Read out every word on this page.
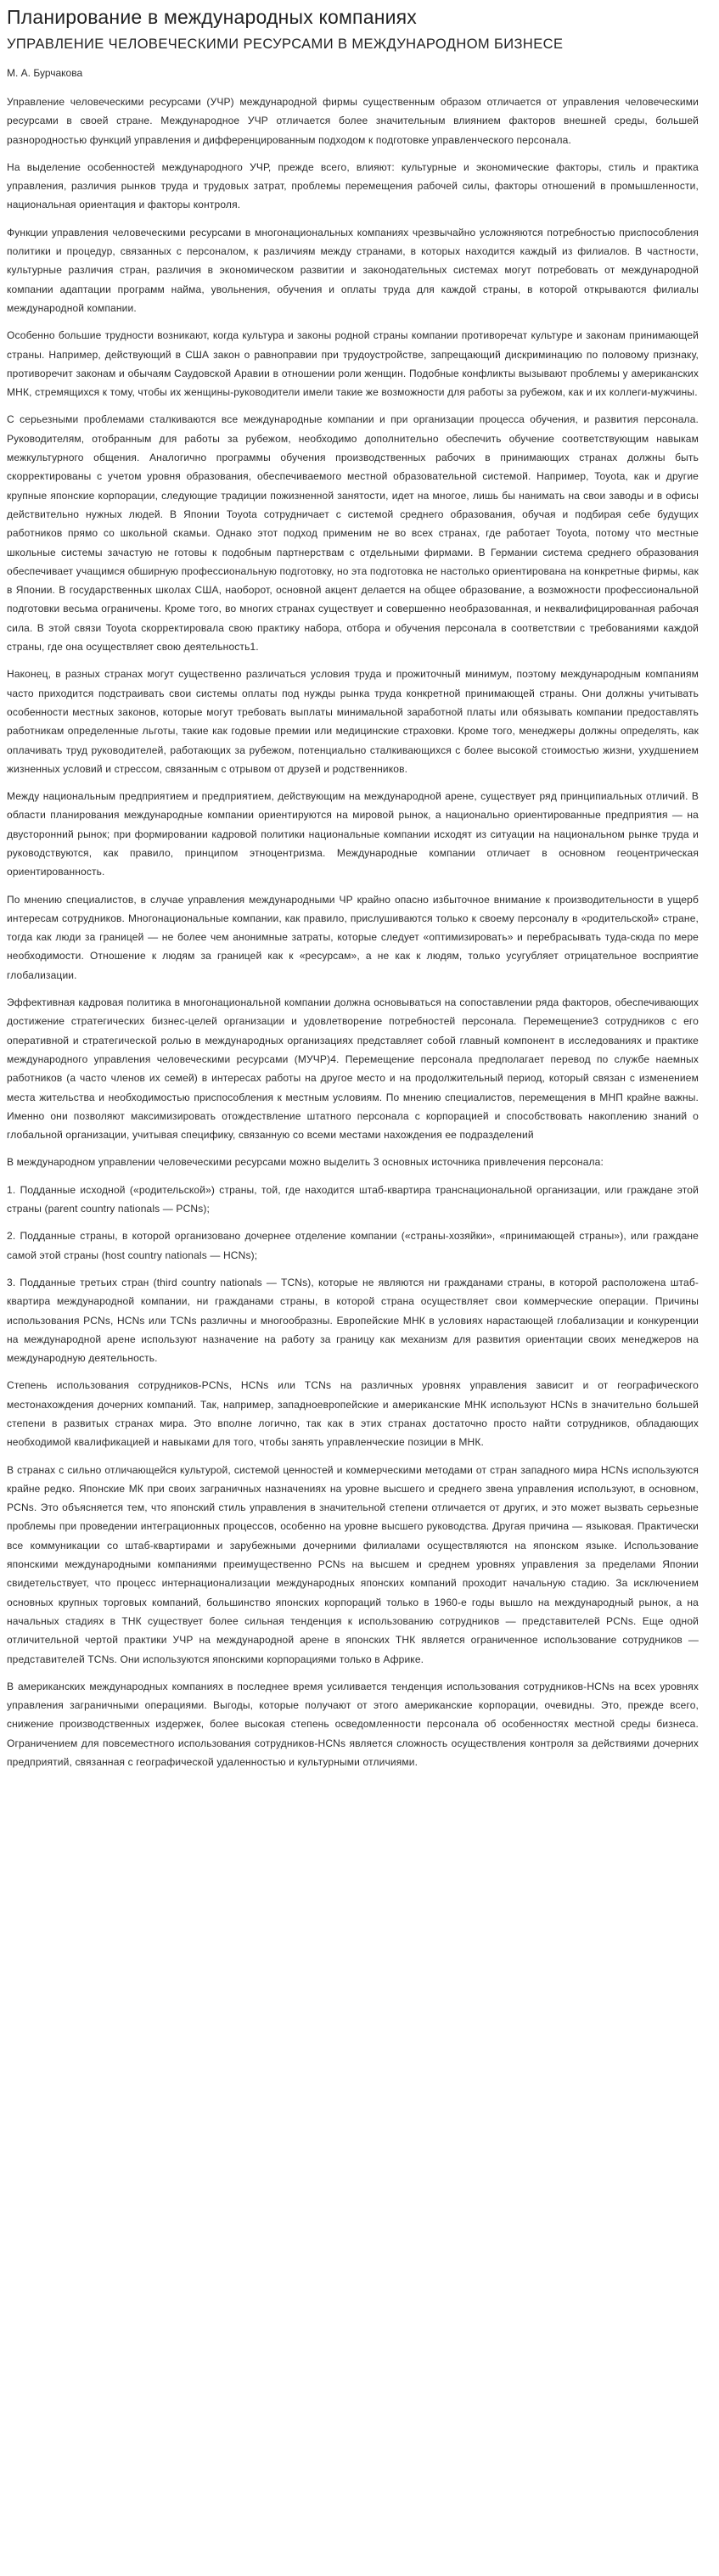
Планирование в международных компаниях
УПРАВЛЕНИЕ ЧЕЛОВЕЧЕСКИМИ РЕСУРСАМИ В МЕЖДУНАРОДНОМ БИЗНЕСЕ
М. А. Бурчакова

Управление человеческими ресурсами (УЧР) международной фирмы существенным образом отличается от управления человеческими ресурсами в своей стране. Международное УЧР отличается более значительным влиянием факторов внешней среды, большей разнородностью функций управления и дифференцированным подходом к подготовке управленческого персонала.

На выделение особенностей международного УЧР, прежде всего, влияют: культурные и экономические факторы, стиль и практика управления, различия рынков труда и трудовых затрат, проблемы перемещения рабочей силы, факторы отношений в промышленности, национальная ориентация и факторы контроля.

Функции управления человеческими ресурсами в многонациональных компаниях чрезвычайно усложняются потребностью приспособления политики и процедур, связанных с персоналом, к различиям между странами, в которых находится каждый из филиалов. В частности, культурные различия стран, различия в экономическом развитии и законодательных системах могут потребовать от международной компании адаптации программ найма, увольнения, обучения и оплаты труда для каждой страны, в которой открываются филиалы международной компании.

Особенно большие трудности возникают, когда культура и законы родной страны компании противоречат культуре и законам принимающей страны. Например, действующий в США закон о равноправии при трудоустройстве, запрещающий дискриминацию по половому признаку, противоречит законам и обычаям Саудовской Аравии в отношении роли женщин. Подобные конфликты вызывают проблемы у американских МНК, стремящихся к тому, чтобы их женщины-руководители имели такие же возможности для работы за рубежом, как и их коллеги-мужчины.

С серьезными проблемами сталкиваются все международные компании и при организации процесса обучения, и развития персонала. Руководителям, отобранным для работы за рубежом, необходимо дополнительно обеспечить обучение соответствующим навыкам межкультурного общения. Аналогично программы обучения производственных рабочих в принимающих странах должны быть скорректированы с учетом уровня образования, обеспечиваемого местной образовательной системой. Например, Toyota, как и другие крупные японские корпорации, следующие традиции пожизненной занятости, идет на многое, лишь бы нанимать на свои заводы и в офисы действительно нужных людей. В Японии Toyota сотрудничает с системой среднего образования, обучая и подбирая себе будущих работников прямо со школьной скамьи. Однако этот подход применим не во всех странах, где работает Toyota, потому что местные школьные системы зачастую не готовы к подобным партнерствам с отдельными фирмами. В Германии система среднего образования обеспечивает учащимся обширную профессиональную подготовку, но эта подготовка не настолько ориентирована на конкретные фирмы, как в Японии. В государственных школах США, наоборот, основной акцент делается на общее образование, а возможности профессиональной подготовки весьма ограничены. Кроме того, во многих странах существует и совершенно необразованная, и неквалифицированная рабочая сила. В этой связи Toyota скорректировала свою практику набора, отбора и обучения персонала в соответствии с требованиями каждой страны, где она осуществляет свою деятельность1.

Наконец, в разных странах могут существенно различаться условия труда и прожиточный минимум, поэтому международным компаниям часто приходится подстраивать свои системы оплаты под нужды рынка труда конкретной принимающей страны. Они должны учитывать особенности местных законов, которые могут требовать выплаты минимальной заработной платы или обязывать компании предоставлять работникам определенные льготы, такие как годовые премии или медицинские страховки. Кроме того, менеджеры должны определять, как оплачивать труд руководителей, работающих за рубежом, потенциально сталкивающихся с более высокой стоимостью жизни, ухудшением жизненных условий и стрессом, связанным с отрывом от друзей и родственников.

Между национальным предприятием и предприятием, действующим на международной арене, существует ряд принципиальных отличий. В области планирования международные компании ориентируются на мировой рынок, а национально ориентированные предприятия — на двусторонний рынок; при формировании кадровой политики национальные компании исходят из ситуации на национальном рынке труда и руководствуются, как правило, принципом этноцентризма. Международные компании отличает в основном геоцентрическая ориентированность.

По мнению специалистов, в случае управления международными ЧР крайно опасно избыточное внимание к производительности в ущерб интересам сотрудников. Многонациональные компании, как правило, прислушиваются только к своему персоналу в «родительской» стране, тогда как люди за границей — не более чем анонимные затраты, которые следует «оптимизировать» и перебрасывать туда-сюда по мере необходимости. Отношение к людям за границей как к «ресурсам», а не как к людям, только усугубляет отрицательное восприятие глобализации.

Эффективная кадровая политика в многонациональной компании должна основываться на сопоставлении ряда факторов, обеспечивающих достижение стратегических бизнес-целей организации и удовлетворение потребностей персонала. Перемещение3 сотрудников с его оперативной и стратегической ролью в международных организациях представляет собой главный компонент в исследованиях и практике международного управления человеческими ресурсами (МУЧР)4. Перемещение персонала предполагает перевод по службе наемных работников (а часто членов их семей) в интересах работы на другое место и на продолжительный период, который связан с изменением места жительства и необходимостью приспособления к местным условиям. По мнению специалистов, перемещения в МНП крайне важны. Именно они позволяют максимизировать отождествление штатного персонала с корпорацией и способствовать накоплению знаний о глобальной организации, учитывая специфику, связанную со всеми местами нахождения ее подразделений

В международном управлении человеческими ресурсами можно выделить 3 основных источника привлечения персонала:

1. Подданные исходной («родительской») страны, той, где находится штаб-квартира транснациональной организации, или граждане этой страны (parent country nationals — PCNs);

2. Подданные страны, в которой организовано дочернее отделение компании («страны-хозяйки», «принимающей страны»), или граждане самой этой страны (host country nationals — HCNs);

3. Подданные третьих стран (third country nationals — TCNs), которые не являются ни гражданами страны, в которой расположена штаб-квартира международной компании, ни гражданами страны, в которой страна осуществляет свои коммерческие операции. Причины использования PCNs, HCNs или TCNs различны и многообразны. Европейские МНК в условиях нарастающей глобализации и конкуренции на международной арене используют назначение на работу за границу как механизм для развития ориентации своих менеджеров на международную деятельность.

Степень использования сотрудников-PCNs, HCNs или TCNs на различных уровнях управления зависит и от географического местонахождения дочерних компаний. Так, например, западноевропейские и американские МНК используют HCNs в значительно большей степени в развитых странах мира. Это вполне логично, так как в этих странах достаточно просто найти сотрудников, обладающих необходимой квалификацией и навыками для того, чтобы занять управленческие позиции в МНК.

В странах с сильно отличающейся культурой, системой ценностей и коммерческими методами от стран западного мира HCNs используются крайне редко. Японские МК при своих заграничных назначениях на уровне высшего и среднего звена управления используют, в основном, PCNs. Это объясняется тем, что японский стиль управления в значительной степени отличается от других, и это может вызвать серьезные проблемы при проведении интеграционных процессов, особенно на уровне высшего руководства. Другая причина — языковая. Практически все коммуникации со штаб-квартирами и зарубежными дочерними филиалами осуществляются на японском языке. Использование японскими международными компаниями преимущественно PCNs на высшем и среднем уровнях управления за пределами Японии свидетельствует, что процесс интернационализации международных японских компаний проходит начальную стадию. За исключением основных крупных торговых компаний, большинство японских корпораций только в 1960-е годы вышло на международный рынок, а на начальных стадиях в ТНК существует более сильная тенденция к использованию сотрудников — представителей PCNs. Еще одной отличительной чертой практики УЧР на международной арене в японских ТНК является ограниченное использование сотрудников — представителей TCNs. Они используются японскими корпорациями только в Африке.

В американских международных компаниях в последнее время усиливается тенденция использования сотрудников-HCNs на всех уровнях управления заграничными операциями. Выгоды, которые получают от этого американские корпорации, очевидны. Это, прежде всего, снижение производственных издержек, более высокая степень осведомленности персонала об особенностях местной среды бизнеса. Ограничением для повсеместного использования сотрудников-HCNs является сложность осуществления контроля за действиями дочерних предприятий, связанная с географической удаленностью и культурными отличиями.
